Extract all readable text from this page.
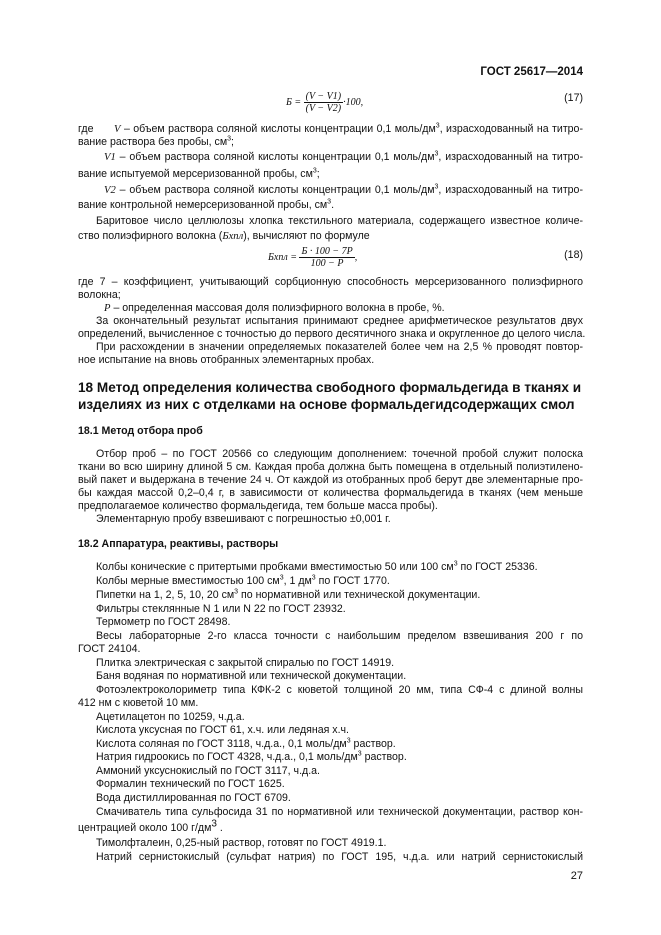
ГОСТ 25617—2014
$Б = \frac{(V - V1)}{(V - V2)} \cdot 100$,	(17)
где V – объем раствора соляной кислоты концентрации 0,1 моль/$дм^3$, израсходованный на титро-
вание раствора без пробы, $см^3$;
V1 – объем раствора соляной кислоты концентрации 0,1 моль/$дм^3$, израсходованный на титро-
вание испытуемой мерсеризованной пробы, $см^3$;
V2 – объем раствора соляной кислоты концентрации 0,1 моль/$дм^3$, израсходованный на титро-
вание контрольной немерсеризованной пробы, $см^3$.
Баритовое число целлюлозы хлопка текстильного материала, содержащего известное количе-
ство полиэфирного волокна (Бхпл), вычисляют по формуле
Бхпл = $\frac{Б \cdot 100 - 7Р}{100 - Р}$ ,	(18)
где 7 – коэффициент, учитывающий сорбционную способность мерсеризованного полиэфирного
волокна;
Р – определенная массовая доля полиэфирного волокна в пробе, %.
За окончательный результат испытания принимают среднее арифметическое результатов двух
определений, вычисленное с точностью до первого десятичного знака и округленное до целого числа.
При расхождении в значении определяемых показателей более чем на 2,5 % проводят повтор-
ное испытание на вновь отобранных элементарных пробах.
18 Метод определения количества свободного формальдегида в тканях и
изделиях из них с отделками на основе формальдегидсодержащих смол
18.1 Метод отбора проб
Отбор проб – по ГОСТ 20566 со следующим дополнением: точечной пробой служит полоска
ткани во всю ширину длиной 5 см. Каждая проба должна быть помещена в отдельный полиэтилено-
вый пакет и выдержана в течение 24 ч. От каждой из отобранных проб берут две элементарные про-
бы каждая массой 0,2–0,4 г, в зависимости от количества формальдегида в тканях (чем меньше
предполагаемое количество формальдегида, тем больше масса пробы).
Элементарную пробу взвешивают с погрешностью ±0,001 г.
18.2 Аппаратура, реактивы, растворы
Колбы конические с притертыми пробками вместимостью 50 или 100 $см^3$ по ГОСТ 25336.
Колбы мерные вместимостью 100 $см^3$, 1 $дм^3$ по ГОСТ 1770.
Пипетки на 1, 2, 5, 10, 20 $см^3$ по нормативной или технической документации.
Фильтры стеклянные N 1 или N 22 по ГОСТ 23932.
Термометр по ГОСТ 28498.
Весы лабораторные 2-го класса точности с наибольшим пределом взвешивания 200 г по
ГОСТ 24104.
Плитка электрическая с закрытой спиралью по ГОСТ 14919.
Баня водяная по нормативной или технической документации.
Фотоэлектроколориметр типа КФК-2 с кюветой толщиной 20 мм, типа СФ-4 с длиной волны
412 нм с кюветой 10 мм.
Ацетилацетон по 10259, ч.д.а.
Кислота уксусная по ГОСТ 61, х.ч. или ледяная х.ч.
Кислота соляная по ГОСТ 3118, ч.д.а., 0,1 моль/$дм^3$ раствор.
Натрия гидроокись по ГОСТ 4328, ч.д.а., 0,1 моль/$дм^3$ раствор.
Аммоний уксуснокислый по ГОСТ 3117, ч.д.а.
Формалин технический по ГОСТ 1625.
Вода дистиллированная по ГОСТ 6709.
Смачиватель типа сульфосида 31 по нормативной или технической документации, раствор кон-
центрацией около 100 $г/дм^3$ .
Тимолфталеин, 0,25-ный раствор, готовят по ГОСТ 4919.1.
Натрий сернистокислый (сульфат натрия) по ГОСТ 195, ч.д.а. или натрий сернистокислый
27
